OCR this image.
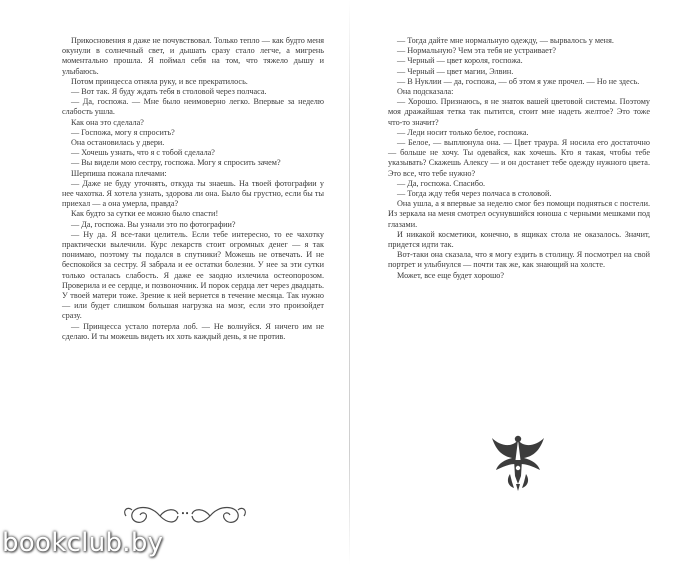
Прикосновения я даже не почувствовал. Только тепло — как будто меня окунули в солнечный свет, и дышать сразу стало легче, а мигрень моментально прошла. Я поймал себя на том, что тяжело дышу и улыбаюсь.

Потом принцесса отняла руку, и все прекратилось.

— Вот так. Я буду ждать тебя в столовой через полчаса.

— Да, госпожа. — Мне было неимоверно легко. Впервые за неделю слабость ушла.

Как она это сделала?

— Госпожа, могу я спросить?

Она остановилась у двери.

— Хочешь узнать, что я с тобой сделала?

— Вы видели мою сестру, госпожа. Могу я спросить зачем?

Шерпиша пожала плечами:

— Даже не буду уточнять, откуда ты знаешь. На твоей фотографии у нее чахотка. Я хотела узнать, здорова ли она. Было бы грустно, если бы ты приехал — а она умерла, правда?

Как будто за сутки ее можно было спасти!

— Да, госпожа. Вы узнали это по фотографии?

— Ну да. Я все-таки целитель. Если тебе интересно, то ее чахотку практически вылечили. Курс лекарств стоит огромных денег — я так понимаю, поэтому ты подался в спутники? Можешь не отвечать. И не беспокойся за сестру. Я забрала и ее остатки болезни. У нее за эти сутки только осталась слабость. Я даже ее заодно излечила остеопорозом. Проверила и ее сердце, и позвоночник. И порок сердца лет через двадцать. У твоей матери тоже. Зрение к ней вернется в течение месяца. Так нужно — или будет слишком большая нагрузка на мозг, если это произойдет сразу.

— Принцесса устало потерла лоб. — Не волнуйся. Я ничего им не сделаю. И ты можешь видеть их хоть каждый день, я не против.

— Тогда дайте мне нормальную одежду, — вырвалось у меня.

— Нормальную? Чем эта тебя не устраивает?

— Черный — цвет короля, госпожа.

— Черный — цвет магии, Элвин.

— В Нуклии — да, госпожа, — об этом я уже прочел. — Но не здесь.

Она подсказала:

— Хорошо. Признаюсь, я не знаток вашей цветовой системы. Поэтому моя дражайшая тетка так пытится, стоит мне надеть желтое? Это тоже что-то значит?

— Леди носит только белое, госпожа.

— Белое, — выплюнула она. — Цвет траура. Я носила его достаточно — больше не хочу. Ты одевайся, как хочешь. Кто я такая, чтобы тебе указывать? Скажешь Алексу — и он достанет тебе одежду нужного цвета. Это все, что тебе нужно?

— Да, госпожа. Спасибо.

— Тогда жду тебя через полчаса в столовой.

Она ушла, а я впервые за неделю смог без помощи подняться с постели. Из зеркала на меня смотрел осунувшийся юноша с черными мешками под глазами.

И никакой косметики, конечно, в ящиках стола не оказалось. Значит, придется идти так.

Вот-таки она сказала, что я могу ездить в столицу. Я посмотрел на свой портрет и улыбнулся — почти так же, как знающий на холсте.

Может, все еще будет хорошо?

••
bookclub.by
